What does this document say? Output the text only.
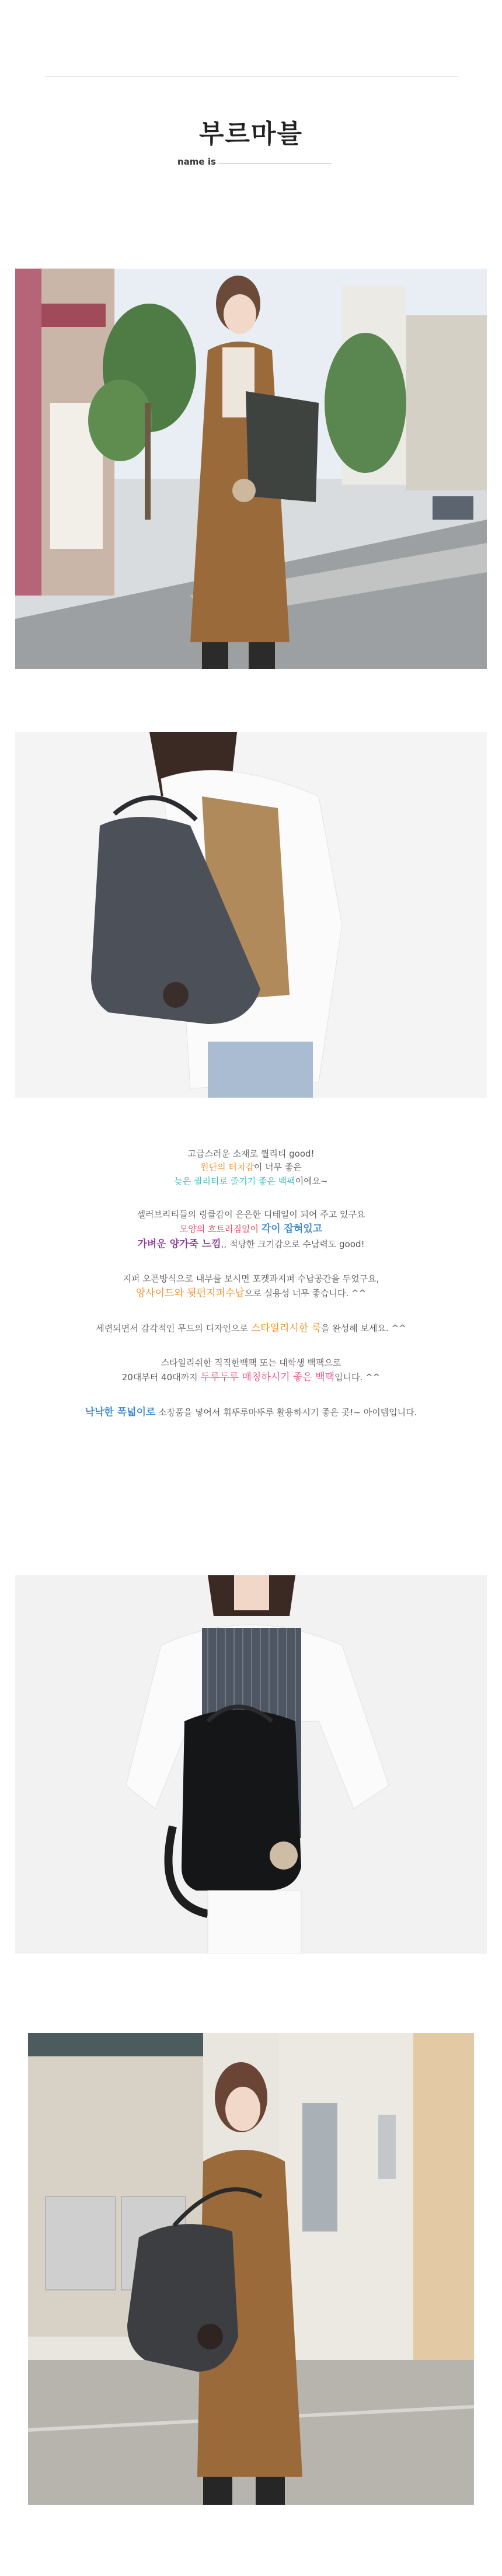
부르마블
name is
고급스러운 소재로 퀄리티 good!
원단의 터치감이 너무 좋은
늦은 퀄리티로 줄기기 좋은 백팩이에요~
셀러브리티들의 링클감이 은은한 디테일이 되어 주고 있구요
모양의 흐트러짐없이 각이 잡혀있고
가벼운 양가죽 느낌,, 적당한 크기감으로 수납력도 good!
지퍼 오픈방식으로 내부를 보시면 포켓과지퍼 수납공간을 두었구요,
양사이드와 뒷편지퍼수납으로 실용성 너무 좋습니다. ^^
세련되면서 감각적인 무드의 디자인으로 스타일리시한 룩을 완성해 보세요. ^^
스타일리쉬한 직직한백팩 또는 대학생 백팩으로
20대부터 40대까지 두루두루 매칭하시기 좋은 백팩입니다. ^^
낙낙한 폭넓이로 소장품을 넣어서 휘뚜루마뚜루 활용하시기 좋은 곳!~ 아이템입니다.
